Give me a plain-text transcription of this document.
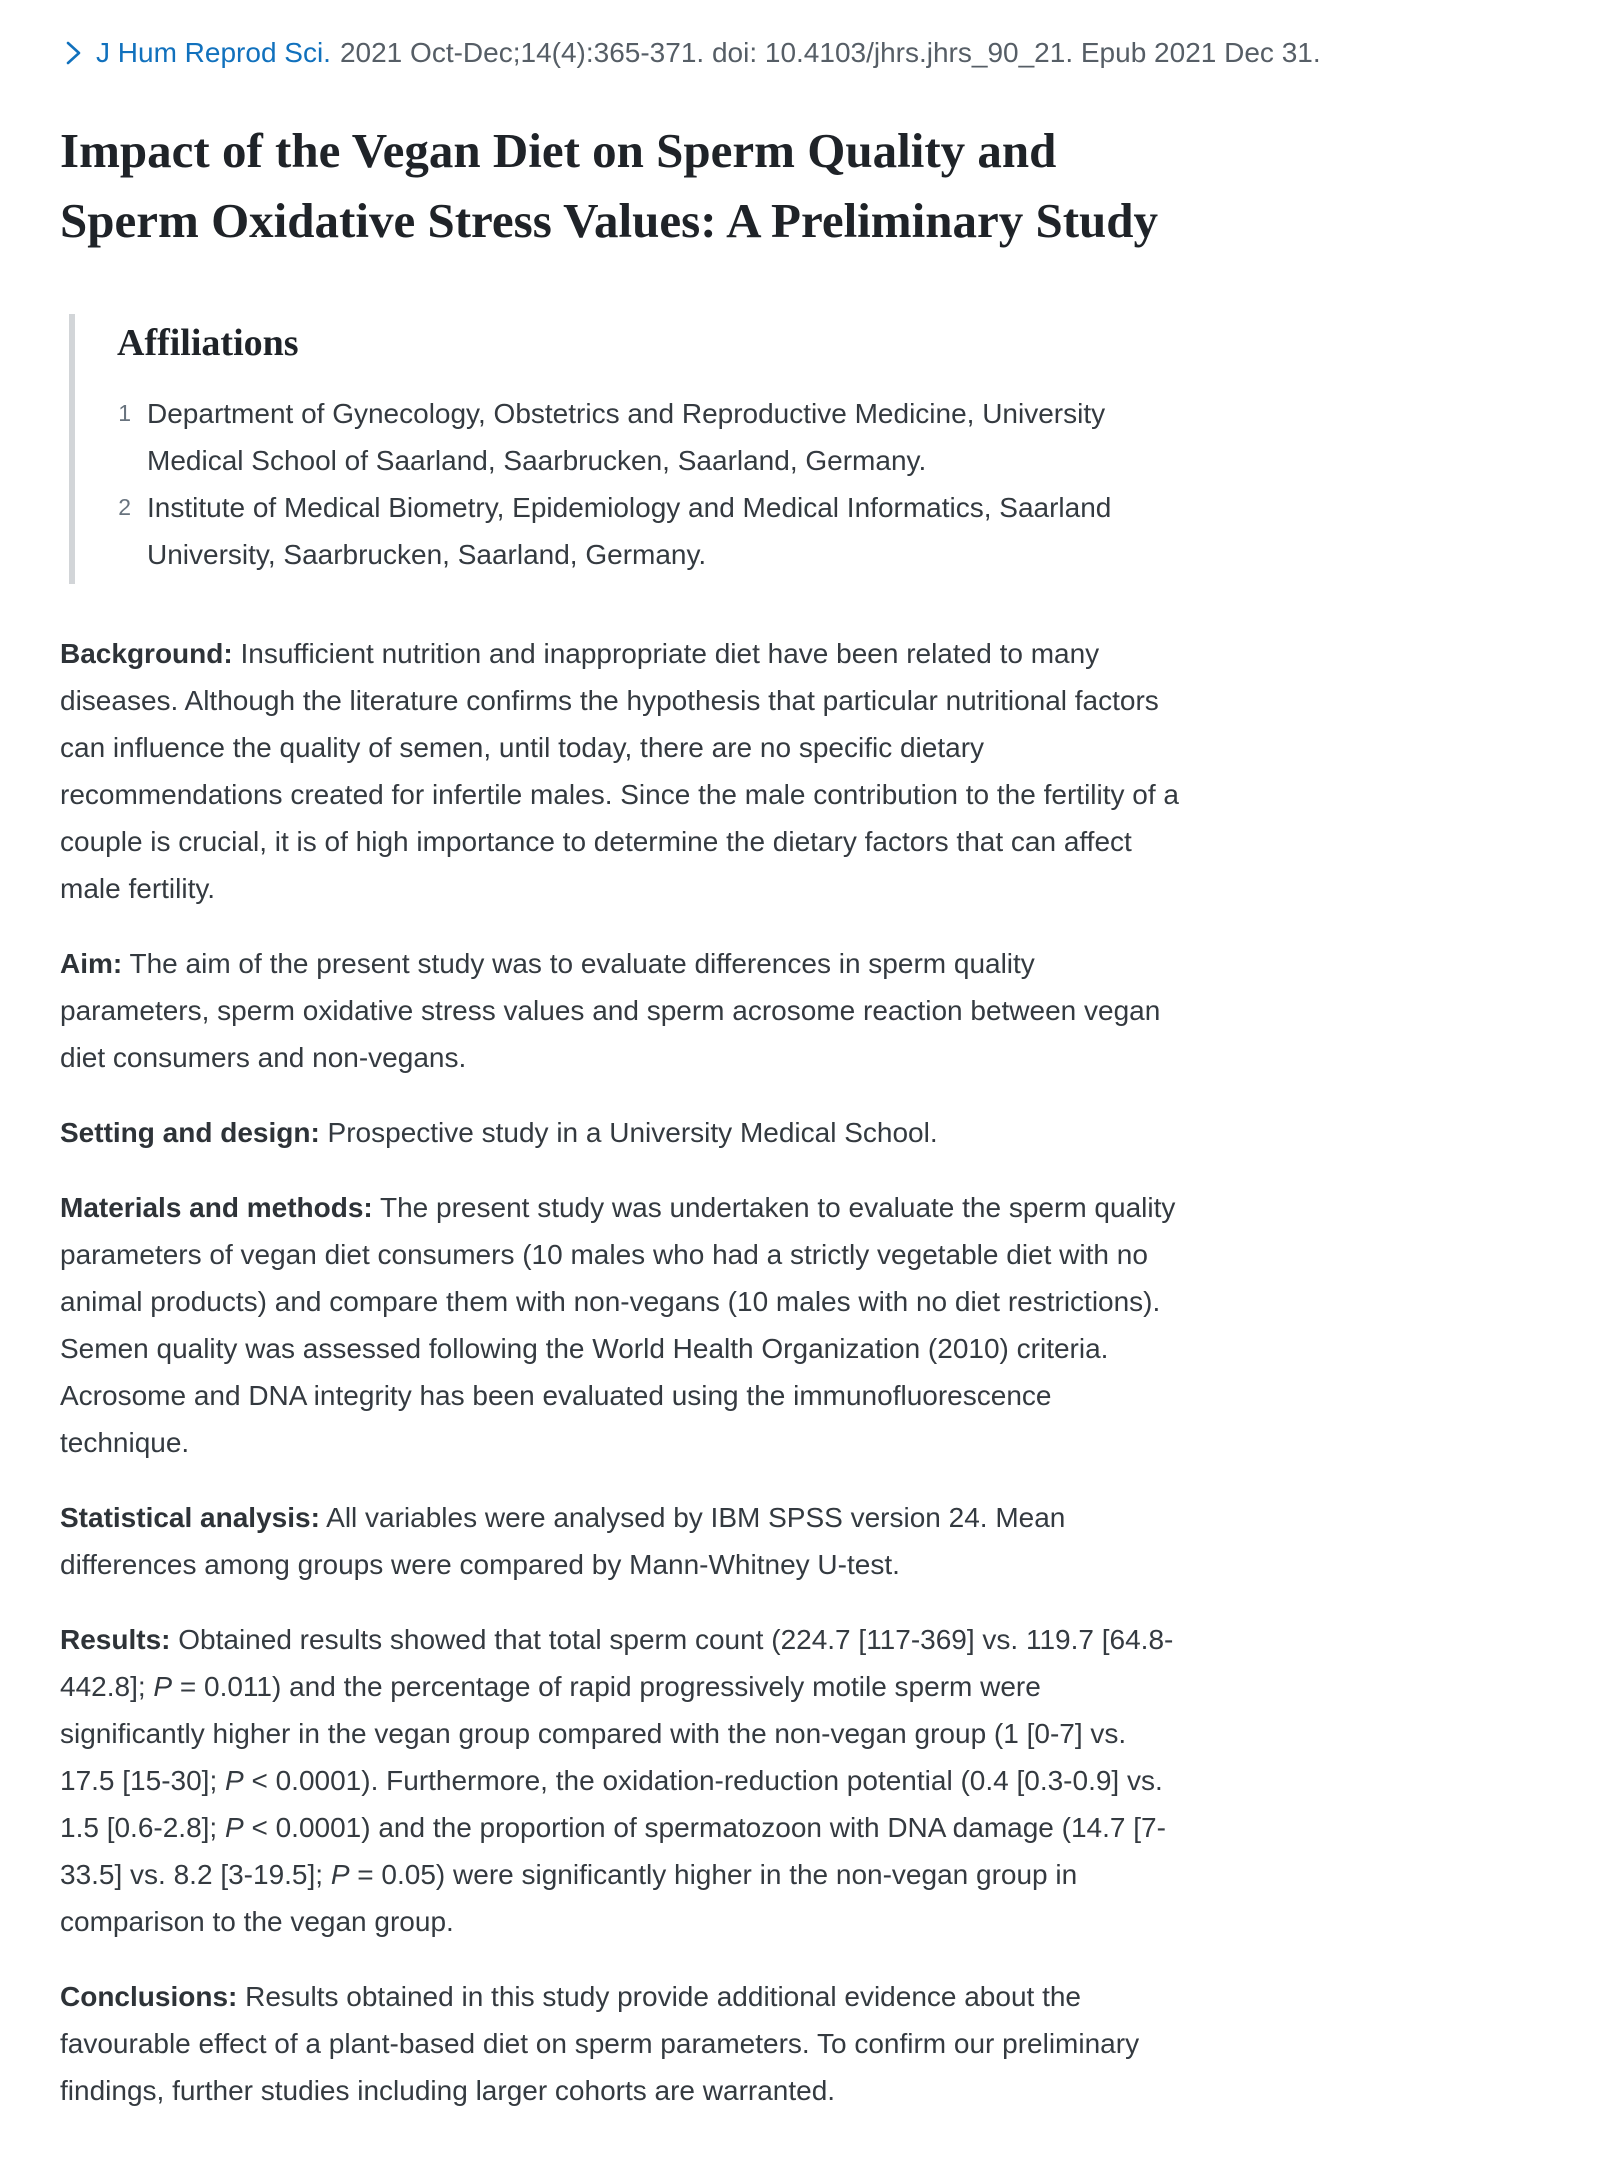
J Hum Reprod Sci. 2021 Oct-Dec;14(4):365-371. doi: 10.4103/jhrs.jhrs_90_21. Epub 2021 Dec 31.
Impact of the Vegan Diet on Sperm Quality and Sperm Oxidative Stress Values: A Preliminary Study
Affiliations
1 Department of Gynecology, Obstetrics and Reproductive Medicine, University Medical School of Saarland, Saarbrucken, Saarland, Germany.
2 Institute of Medical Biometry, Epidemiology and Medical Informatics, Saarland University, Saarbrucken, Saarland, Germany.

Background: Insufficient nutrition and inappropriate diet have been related to many diseases. Although the literature confirms the hypothesis that particular nutritional factors can influence the quality of semen, until today, there are no specific dietary recommendations created for infertile males. Since the male contribution to the fertility of a couple is crucial, it is of high importance to determine the dietary factors that can affect male fertility.

Aim: The aim of the present study was to evaluate differences in sperm quality parameters, sperm oxidative stress values and sperm acrosome reaction between vegan diet consumers and non-vegans.

Setting and design: Prospective study in a University Medical School.

Materials and methods: The present study was undertaken to evaluate the sperm quality parameters of vegan diet consumers (10 males who had a strictly vegetable diet with no animal products) and compare them with non-vegans (10 males with no diet restrictions). Semen quality was assessed following the World Health Organization (2010) criteria. Acrosome and DNA integrity has been evaluated using the immunofluorescence technique.

Statistical analysis: All variables were analysed by IBM SPSS version 24. Mean differences among groups were compared by Mann-Whitney U-test.

Results: Obtained results showed that total sperm count (224.7 [117-369] vs. 119.7 [64.8-442.8]; P = 0.011) and the percentage of rapid progressively motile sperm were significantly higher in the vegan group compared with the non-vegan group (1 [0-7] vs. 17.5 [15-30]; P < 0.0001). Furthermore, the oxidation-reduction potential (0.4 [0.3-0.9] vs. 1.5 [0.6-2.8]; P < 0.0001) and the proportion of spermatozoon with DNA damage (14.7 [7-33.5] vs. 8.2 [3-19.5]; P = 0.05) were significantly higher in the non-vegan group in comparison to the vegan group.

Conclusions: Results obtained in this study provide additional evidence about the favourable effect of a plant-based diet on sperm parameters. To confirm our preliminary findings, further studies including larger cohorts are warranted.
